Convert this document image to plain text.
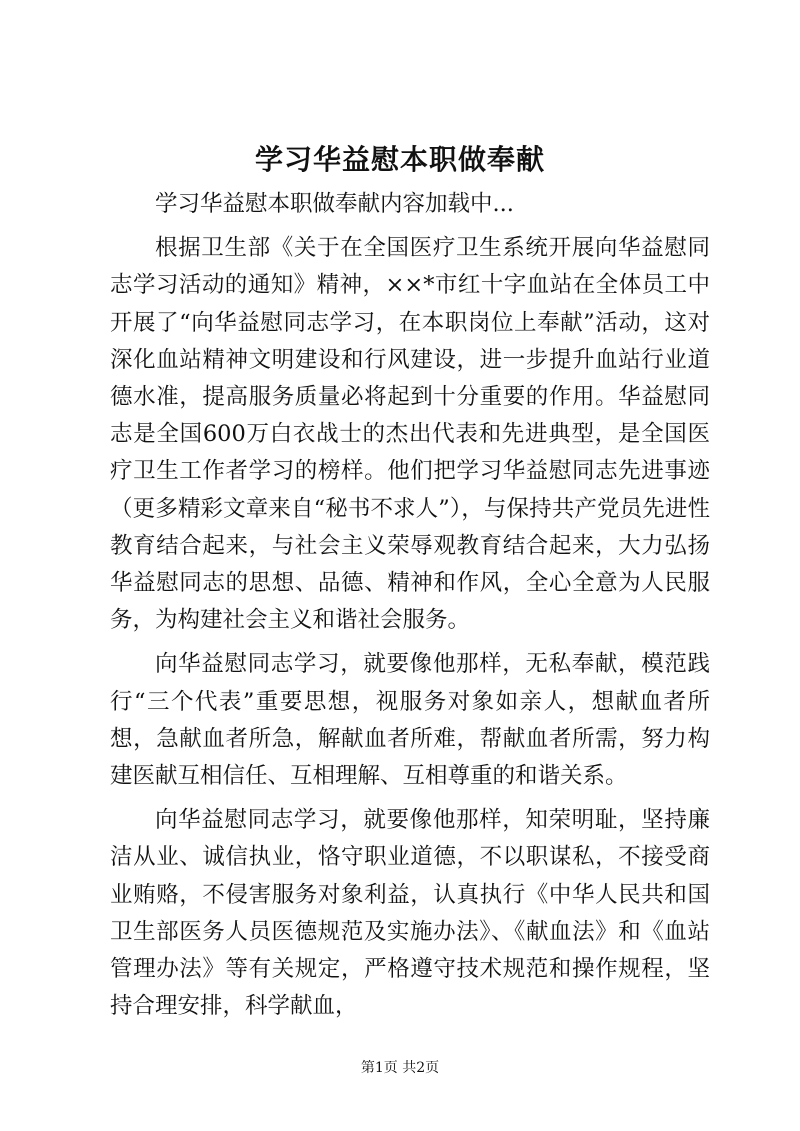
学习华益慰本职做奉献

学习华益慰本职做奉献内容加载中...

根据卫生部《关于在全国医疗卫生系统开展向华益慰同志学习活动的通知》精神，××*市红十字血站在全体员工中开展了“向华益慰同志学习，在本职岗位上奉献”活动，这对深化血站精神文明建设和行风建设，进一步提升血站行业道德水准，提高服务质量必将起到十分重要的作用。华益慰同志是全国600万白衣战士的杰出代表和先进典型，是全国医疗卫生工作者学习的榜样。他们把学习华益慰同志先进事迹（更多精彩文章来自“秘书不求人”），与保持共产党员先进性教育结合起来，与社会主义荣辱观教育结合起来，大力弘扬华益慰同志的思想、品德、精神和作风，全心全意为人民服务，为构建社会主义和谐社会服务。

向华益慰同志学习，就要像他那样，无私奉献，模范践行“三个代表”重要思想，视服务对象如亲人，想献血者所想，急献血者所急，解献血者所难，帮献血者所需，努力构建医献互相信任、互相理解、互相尊重的和谐关系。

向华益慰同志学习，就要像他那样，知荣明耻，坚持廉洁从业、诚信执业，恪守职业道德，不以职谋私，不接受商业贿赂，不侵害服务对象利益，认真执行《中华人民共和国卫生部医务人员医德规范及实施办法》、《献血法》和《血站管理办法》等有关规定，严格遵守技术规范和操作规程，坚持合理安排，科学献血，

第1页 共2页
